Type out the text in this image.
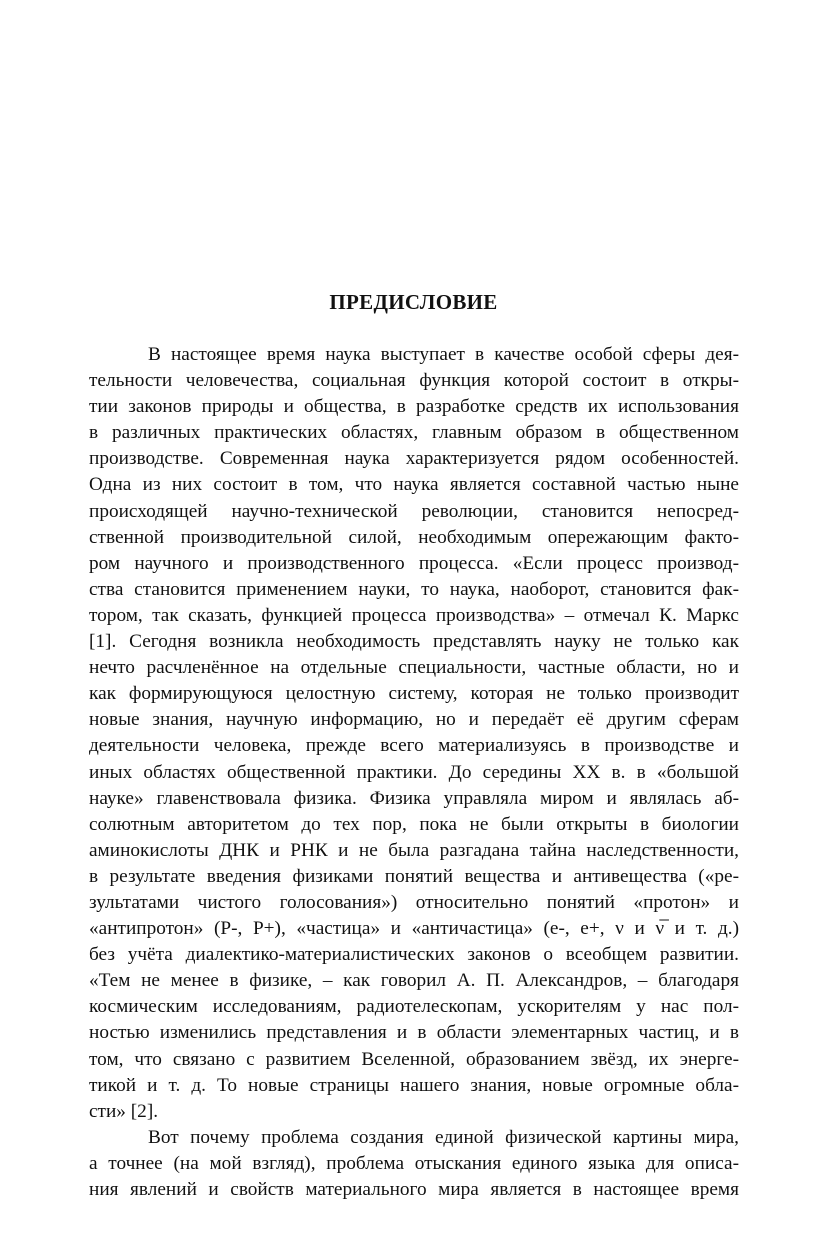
ПРЕДИСЛОВИЕ
В настоящее время наука выступает в качестве особой сферы дея-
тельности человечества, социальная функция которой состоит в откры-
тии законов природы и общества, в разработке средств их использования
в различных практических областях, главным образом в общественном
производстве. Современная наука характеризуется рядом особенностей.
Одна из них состоит в том, что наука является составной частью ныне
происходящей научно-технической революции, становится непосред-
ственной производительной силой, необходимым опережающим факто-
ром научного и производственного процесса. «Если процесс производ-
ства становится применением науки, то наука, наоборот, становится фак-
тором, так сказать, функцией процесса производства» – отмечал К. Маркс
[1]. Сегодня возникла необходимость представлять науку не только как
нечто расчленённое на отдельные специальности, частные области, но и
как формирующуюся целостную систему, которая не только производит
новые знания, научную информацию, но и передаёт её другим сферам
деятельности человека, прежде всего материализуясь в производстве и
иных областях общественной практики. До середины XX в. в «большой
науке» главенствовала физика. Физика управляла миром и являлась аб-
солютным авторитетом до тех пор, пока не были открыты в биологии
аминокислоты ДНК и РНК и не была разгадана тайна наследственности,
в результате введения физиками понятий вещества и антивещества («ре-
зультатами чистого голосования») относительно понятий «протон» и
«антипротон» (P-, P+), «частица» и «античастица» (e-, e+, ν и ν̅ и т. д.)
без учёта диалектико-материалистических законов о всеобщем развитии.
«Тем не менее в физике, – как говорил А. П. Александров, – благодаря
космическим исследованиям, радиотелескопам, ускорителям у нас пол-
ностью изменились представления и в области элементарных частиц, и в
том, что связано с развитием Вселенной, образованием звёзд, их энерге-
тикой и т. д. То новые страницы нашего знания, новые огромные обла-
сти» [2].
Вот почему проблема создания единой физической картины мира,
а точнее (на мой взгляд), проблема отыскания единого языка для описа-
ния явлений и свойств материального мира является в настоящее время
